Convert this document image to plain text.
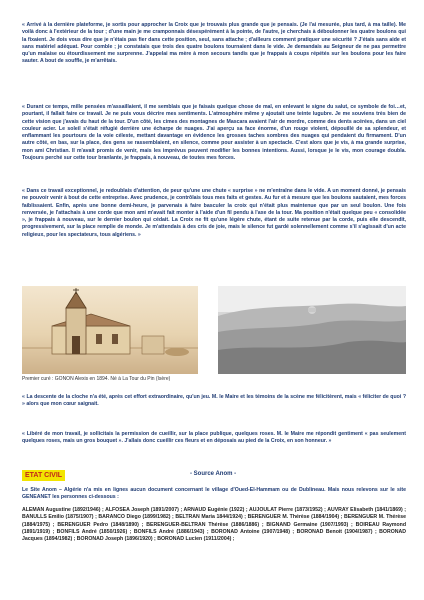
« Arrivé à la dernière plateforme, je sortis pour approcher la Croix que je trouvais plus grande que je pensais. (Je l'ai mesurée, plus tard, à ma taille). Me voilà donc à l'extérieur de la tour ; d'une main je me cramponnais désespérément à la pointe, de l'autre, je cherchais à déboulonner les quatre boulons qui la fixaient. Je dois vous dire que je n'étais pas fier dans cette position, seul, sans attache ; d'ailleurs comment pratiquer une sécurité ? J'étais sans aide et sans matériel adéquat. Pour comble ; je constatais que trois des quatre boulons tournaient dans le vide. Je demandais au Seigneur de ne pas permettre qu'un malaise ou étourdissement me surprenne. J'appelai ma mère à mon secours tandis que je frappais à coups répétés sur les boulons pour les faire sauter. A bout de souffle, je m'arrêtais.
« Durant ce temps, mille pensées m'assaillaient, il me semblais que je faisais quelque chose de mal, en enlevant le signe du salut, ce symbole de foi…et, pourtant, il fallait faire ce travail. Je ne puis vous décrire mes sentiments. L'atmosphère même y ajoutait une teinte lugubre. Je me souviens très bien de cette vision que j'avais du haut de la tour. D'un côté, les cimes des montagnes de Mascara avaient l'air de mordre, comme des dents acérées, dans un ciel couleur acier. Le soleil s'était réfugié derrière une écharpe de nuages. J'ai aperçu sa face énorme, d'un rouge violent, dépouillé de sa splendeur, et enflammant les pourtours de la voie céleste, mettant davantage en évidence les grosses taches sombres des nuages qui pendaient du firmament. D'un autre côté, en bas, sur la place, des gens se rassemblaient, en silence, comme pour assister à un spectacle. C'est alors que je vis, à ma grande surprise, mon ami Christian. Il m'avait promis de venir, mais les imprévus peuvent modifier les bonnes intentions. Aussi, lorsque je le vis, mon courage doubla. Toujours perché sur cette tour branlante, je frappais, à nouveau, de toutes mes forces.
« Dans ce travail exceptionnel, je redoublais d'attention, de peur qu'une une chute « surprise » ne m'entraîne dans le vide. A un moment donné, je pensais ne pouvoir venir à bout de cette entreprise. Avec prudence, je contrôlais tous mes faits et gestes. Au fur et à mesure que les boulons sautaient, mes forces faiblissaient. Enfin, après une bonne demi-heure, je parvenais à faire basculer la croix qui n'était plus maintenue que par un seul boulon. Une fois renversée, je l'attachais à une corde que mon ami m'avait fait monter à l'aide d'un fil pendu à l'axe de la tour. Ma position n'était quelque peu « consolidée », je frappais à nouveau, sur le dernier boulon qui cédait. La Croix ne fit qu'une légère chute, étant de suite retenue par la corde, puis elle descendit, progressivement, sur la place remplie de monde. Je m'attendais à des cris de joie, mais le silence fut gardé solennellement comme s'il s'agissait d'un acte religieux, pour les spectateurs, tous algériens. »
Premier curé : GONON Alexis en 1894. Né à La Tour du Pin (Isère)
« La descente de la cloche n'a été, après cet effort extraordinaire, qu'un jeu. M. le Maire et les témoins de la scène me félicitèrent, mais « féliciter de quoi ? » alors que mon cœur saignait.
« Libéré de mon travail, je sollicitais la permission de cueillir, sur la place publique, quelques roses. M. le Maire me répondit gentiment « pas seulement quelques roses, mais un gros bouquet ». J'allais donc cueillir ces fleurs et en déposais au pied de la Croix, en son honneur. »
ETAT CIVIL	- Source Anom -
Le Site Anom – Algérie n'a mis en lignes aucun document concernant le village d'Oued-El-Hammam ou de Dublineau. Mais nous relevons sur le site GENEANET les personnes ci-dessous :
ALEMAN Augustine (1892/1946) ; ALFOSEA Joseph (1891/2007) ; ARNAUD Eugénie (1922) ; AUJOULAT Pierre (1873/1952) ; AUVRAY Elisabeth (1841/1869) ; BANULLS Emilio (1875/1907) ; BARANCO Diego (1899/1982) ; BELTRAN Maria 1844/1924) ; BERENGUER M. Thérèse (1884/1904) ; BERENGUER M. Thérèse (1884/1975) ; BERENGUER Pedro (1848/1890) ; BERENGUER-BELTRAN Thérèse (1886/1886) ; BIGNAND Germaine (1907/1993) ; BOIREAU Raymond (1891/1919) ; BONFILS André (1850/1926) ; BONFILS André (1886/1943) ; BORONAD Antoine (1907/1948) ; BORONAD Benoit (1904/1987) ; BORONAD Jacques (1894/1982) ; BORONAD Joseph (1896/1920) ; BORONAD Lucien (1911/2004) ;
